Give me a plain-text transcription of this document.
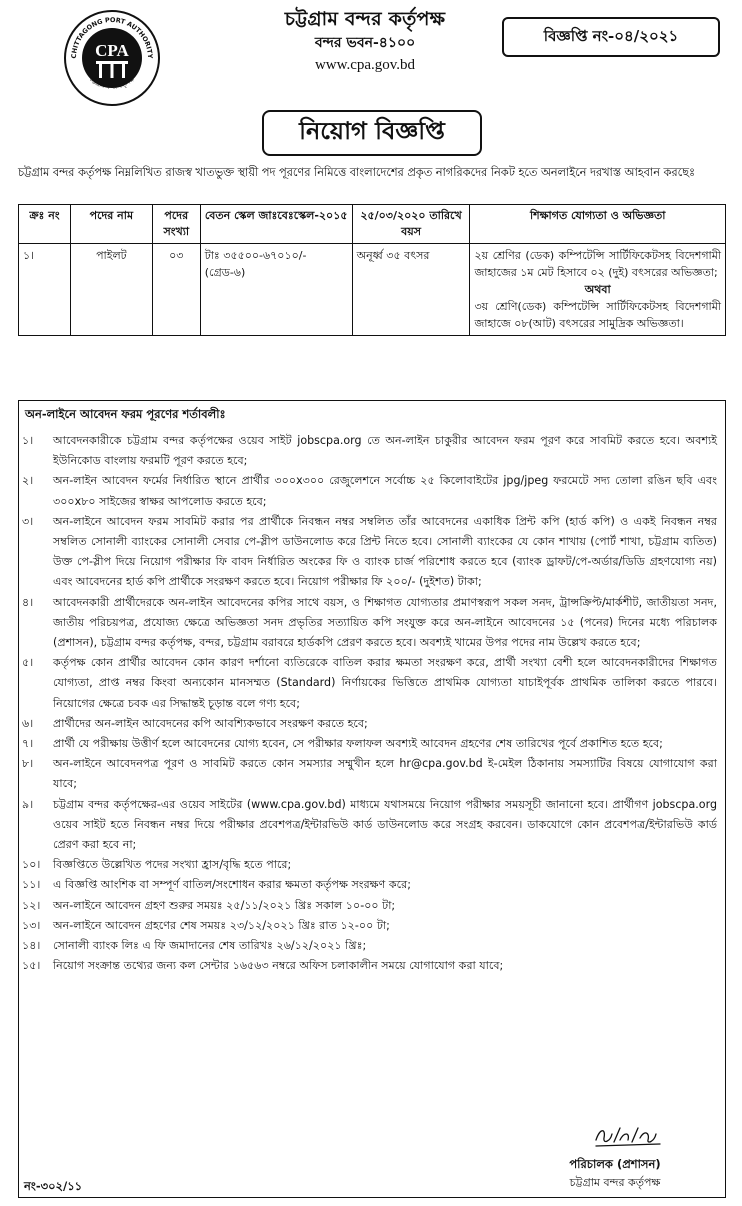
CHITTAGONG PORT AUTHORITY
চট্টগ্রাম বন্দর কর্তৃপক্ষ
CPA
চট্টগ্রাম বন্দর কর্তৃপক্ষ
বন্দর ভবন-৪১০০
www.cpa.gov.bd
বিজ্ঞপ্তি নং-০৪/২০২১
নিয়োগ বিজ্ঞপ্তি

চট্টগ্রাম বন্দর কর্তৃপক্ষ নিম্নলিখিত রাজস্ব খাতভুক্ত স্থায়ী পদ পূরণের নিমিত্তে বাংলাদেশের প্রকৃত নাগরিকদের নিকট হতে অনলাইনে দরখাস্ত আহবান করছেঃ

ক্রঃ নং	পদের নাম	পদের সংখ্যা	বেতন স্কেল জাঃবেঃস্কেল-২০১৫	২৫/০৩/২০২০ তারিখে বয়স	শিক্ষাগত যোগ্যতা ও অভিজ্ঞতা
১।	পাইলট	০৩	টাঃ ৩৫৫০০-৬৭০১০/- (গ্রেড-৬)	অনূর্ধ্ব ৩৫ বৎসর	২য় শ্রেণির (ডেক) কম্পিটেন্সি সার্টিফিকেটসহ বিদেশগামী জাহাজের ১ম মেট হিসাবে ০২ (দুই) বৎসরের অভিজ্ঞতা;

অথবা

৩য় শ্রেণি(ডেক) কম্পিটেন্সি সার্টিফিকেটসহ বিদেশগামী জাহাজে ০৮(আট) বৎসরের সামুদ্রিক অভিজ্ঞতা।

অন-লাইনে আবেদন ফরম পূরণের শর্তাবলীঃ
১।	আবেদনকারীকে চট্টগ্রাম বন্দর কর্তৃপক্ষের ওয়েব সাইট jobscpa.org তে অন-লাইন চাকুরীর আবেদন ফরম পূরণ করে সাবমিট করতে হবে। অবশ্যই ইউনিকোড বাংলায় ফরমটি পূরণ করতে হবে;
২।	অন-লাইন আবেদন ফর্মের নির্ধারিত স্থানে প্রার্থীর ৩০০x৩০০ রেজুলেশনে সর্বোচ্চ ২৫ কিলোবাইটের jpg/jpeg ফরমেটে সদ্য তোলা রঙিন ছবি এবং ৩০০x৮০ সাইজের স্বাক্ষর আপলোড করতে হবে;
৩।	অন-লাইনে আবেদন ফরম সাবমিট করার পর প্রার্থীকে নিবন্ধন নম্বর সম্বলিত তাঁর আবেদনের একাধিক প্রিন্ট কপি (হার্ড কপি) ও একই নিবন্ধন নম্বর সম্বলিত সোনালী ব্যাংকের সোনালী সেবার পে-স্লীপ ডাউনলোড করে প্রিন্ট নিতে হবে। সোনালী ব্যাংকের যে কোন শাখায় (পোর্ট শাখা, চট্টগ্রাম ব্যতিত) উক্ত পে-স্লীপ দিয়ে নিয়োগ পরীক্ষার ফি বাবদ নির্ধারিত অংকের ফি ও ব্যাংক চার্জ পরিশোধ করতে হবে (ব্যাংক ড্রাফট/পে-অর্ডার/ডিডি গ্রহণযোগ্য নয়) এবং আবেদনের হার্ড কপি প্রার্থীকে সংরক্ষণ করতে হবে। নিয়োগ পরীক্ষার ফি ২০০/- (দুইশত) টাকা;
৪।	আবেদনকারী প্রার্থীদেরকে অন-লাইন আবেদনের কপির সাথে বয়স, ও শিক্ষাগত যোগ্যতার প্রমাণস্বরূপ সকল সনদ, ট্রান্সক্রিপ্ট/মার্কশীট, জাতীয়তা সনদ, জাতীয় পরিচয়পত্র, প্রযোজ্য ক্ষেত্রে অভিজ্ঞতা সনদ প্রভৃতির সত্যায়িত কপি সংযুক্ত করে অন-লাইনে আবেদনের ১৫ (পনের) দিনের মধ্যে পরিচালক (প্রশাসন), চট্টগ্রাম বন্দর কর্তৃপক্ষ, বন্দর, চট্টগ্রাম বরাবরে হার্ডকপি প্রেরণ করতে হবে। অবশ্যই খামের উপর পদের নাম উল্লেখ করতে হবে;
৫।	কর্তৃপক্ষ কোন প্রার্থীর আবেদন কোন কারণ দর্শানো ব্যতিরেকে বাতিল করার ক্ষমতা সংরক্ষণ করে, প্রার্থী সংখ্যা বেশী হলে আবেদনকারীদের শিক্ষাগত যোগ্যতা, প্রাপ্ত নম্বর কিংবা অন্যকোন মানসম্মত (Standard) নির্ণায়কের ভিত্তিতে প্রাথমিক যোগ্যতা যাচাইপূর্বক প্রাথমিক তালিকা করতে পারবে। নিয়োগের ক্ষেত্রে চবক এর সিদ্ধান্তই চূড়ান্ত বলে গণ্য হবে;
৬।	প্রার্থীদের অন-লাইন আবেদনের কপি আবশ্যিকভাবে সংরক্ষণ করতে হবে;
৭।	প্রার্থী যে পরীক্ষায় উত্তীর্ণ হলে আবেদনের যোগ্য হবেন, সে পরীক্ষার ফলাফল অবশ্যই আবেদন গ্রহণের শেষ তারিখের পূর্বে প্রকাশিত হতে হবে;
৮।	অন-লাইনে আবেদনপত্র পূরণ ও সাবমিট করতে কোন সমস্যার সম্মুখীন হলে hr@cpa.gov.bd ই-মেইল ঠিকানায় সমস্যাটির বিষয়ে যোগাযোগ করা যাবে;
৯।	চট্টগ্রাম বন্দর কর্তৃপক্ষের-এর ওয়েব সাইটের (www.cpa.gov.bd) মাধ্যমে যথাসময়ে নিয়োগ পরীক্ষার সময়সূচী জানানো হবে। প্রার্থীগণ jobscpa.org ওয়েব সাইট হতে নিবন্ধন নম্বর দিয়ে পরীক্ষার প্রবেশপত্র/ইন্টারভিউ কার্ড ডাউনলোড করে সংগ্রহ করবেন। ডাকযোগে কোন প্রবেশপত্র/ইন্টারভিউ কার্ড প্রেরণ করা হবে না;
১০।	বিজ্ঞপ্তিতে উল্লেখিত পদের সংখ্যা হ্রাস/বৃদ্ধি হতে পারে;
১১।	এ বিজ্ঞপ্তি আংশিক বা সম্পূর্ণ বাতিল/সংশোধন করার ক্ষমতা কর্তৃপক্ষ সংরক্ষণ করে;
১২।	অন-লাইনে আবেদন গ্রহণ শুরুর সময়ঃ ২৫/১১/২০২১ খ্রিঃ সকাল ১০-০০ টা;
১৩।	অন-লাইনে আবেদন গ্রহণের শেষ সময়ঃ ২৩/১২/২০২১ খ্রিঃ রাত ১২-০০ টা;
১৪।	সোনালী ব্যাংক লিঃ এ ফি জমাদানের শেষ তারিখঃ ২৬/১২/২০২১ খ্রিঃ;
১৫।	নিয়োগ সংক্রান্ত তথ্যের জন্য কল সেন্টার ১৬৫৬৩ নম্বরে অফিস চলাকালীন সময়ে যোগাযোগ করা যাবে;
পরিচালক (প্রশাসন)
চট্টগ্রাম বন্দর কর্তৃপক্ষ
নং-৩০২/১১
